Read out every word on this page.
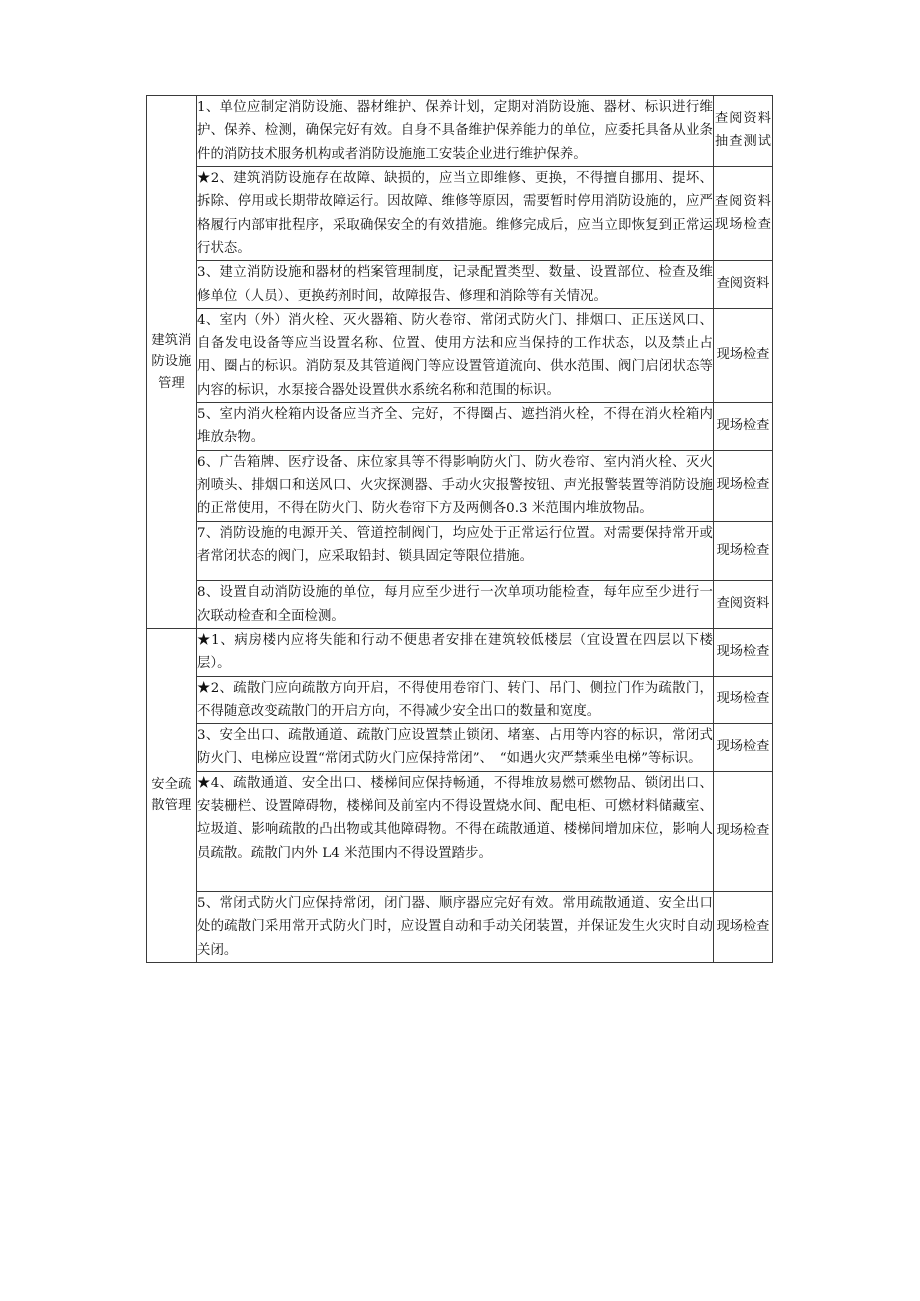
建筑消防设施管理	1、单位应制定消防设施、器材维护、保养计划，定期对消防设施、器材、标识进行维护、保养、检测，确保完好有效。自身不具备维护保养能力的单位，应委托具备从业条件的消防技术服务机构或者消防设施施工安装企业进行维护保养。	查阅资料抽查测试

	★2、建筑消防设施存在故障、缺损的，应当立即维修、更换，不得擅自挪用、提坏、拆除、停用或长期带故障运行。因故障、维修等原因，需要暂时停用消防设施的，应严格履行内部审批程序，采取确保安全的有效措施。维修完成后，应当立即恢复到正常运行状态。	查阅资料现场检查

	3、建立消防设施和器材的档案管理制度，记录配置类型、数量、设置部位、检查及维修单位（人员）、更换药剂时间，故障报告、修理和消除等有关情况。	查阅资料

	4、室内（外）消火栓、灭火器箱、防火卷帘、常闭式防火门、排烟口、正压送风口、自备发电设备等应当设置名称、位置、使用方法和应当保持的工作状态，以及禁止占用、圈占的标识。消防泵及其管道阀门等应设置管道流向、供水范围、阀门启闭状态等内容的标识，水泵接合器处设置供水系统名称和范围的标识。	现场检查

	5、室内消火栓箱内设备应当齐全、完好，不得圈占、遮挡消火栓，不得在消火栓箱内堆放杂物。	现场检查

	6、广告箱牌、医疗设备、床位家具等不得影响防火门、防火卷帘、室内消火栓、灭火剂喷头、排烟口和送风口、火灾探测器、手动火灾报警按钮、声光报警装置等消防设施的正常使用，不得在防火门、防火卷帘下方及两侧各0.3 米范围内堆放物品。	现场检查

	7、消防设施的电源开关、管道控制阀门，均应处于正常运行位置。对需要保持常开或者常闭状态的阀门，应采取铅封、锁具固定等限位措施。	现场检查

	8、设置自动消防设施的单位，每月应至少进行一次单项功能检查，每年应至少进行一次联动检查和全面检测。	查阅资料

安全疏散管理	★1、病房楼内应将失能和行动不便患者安排在建筑较低楼层（宜设置在四层以下楼层）。	现场检查

	★2、疏散门应向疏散方向开启，不得使用卷帘门、转门、吊门、侧拉门作为疏散门，不得随意改变疏散门的开启方向，不得减少安全出口的数量和宽度。	现场检查

	3、安全出口、疏散通道、疏散门应设置禁止锁闭、堵塞、占用等内容的标识，常闭式防火门、电梯应设置“常闭式防火门应保持常闭”、　“如遇火灾严禁乘坐电梯”等标识。	现场检查

	★4、疏散通道、安全出口、楼梯间应保持畅通，不得堆放易燃可燃物品、锁闭出口、安装栅栏、设置障碍物，楼梯间及前室内不得设置烧水间、配电柜、可燃材料储藏室、垃圾道、影响疏散的凸出物或其他障碍物。不得在疏散通道、楼梯间增加床位，影响人员疏散。疏散门内外 L4 米范围内不得设置踏步。	现场检查

	5、常闭式防火门应保持常闭，闭门器、顺序器应完好有效。常用疏散通道、安全出口处的疏散门采用常开式防火门时，应设置自动和手动关闭装置，并保证发生火灾时自动关闭。	现场检查
